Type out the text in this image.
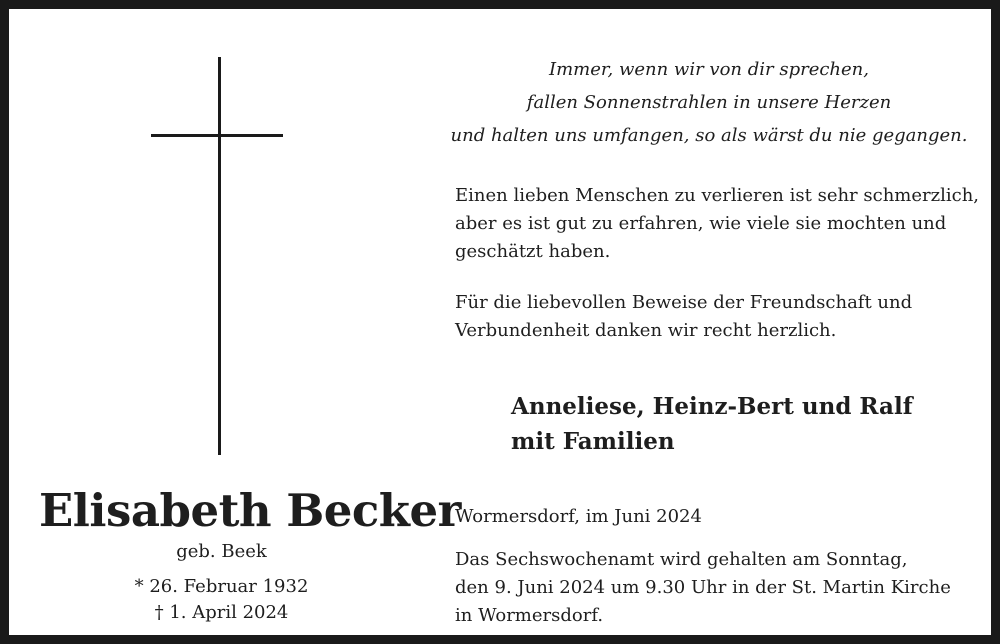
Elisabeth Becker
geb. Beek
* 26. Februar 1932
† 1. April 2024
Immer, wenn wir von dir sprechen,
fallen Sonnenstrahlen in unsere Herzen
und halten uns umfangen, so als wärst du nie gegangen.
Einen lieben Menschen zu verlieren ist sehr schmerzlich,
aber es ist gut zu erfahren, wie viele sie mochten und
geschätzt haben.
Für die liebevollen Beweise der Freundschaft und
Verbundenheit danken wir recht herzlich.
Anneliese, Heinz-Bert und Ralf
mit Familien
Wormersdorf, im Juni 2024
Das Sechswochenamt wird gehalten am Sonntag,
den 9. Juni 2024 um 9.30 Uhr in der St. Martin Kirche
in Wormersdorf.
